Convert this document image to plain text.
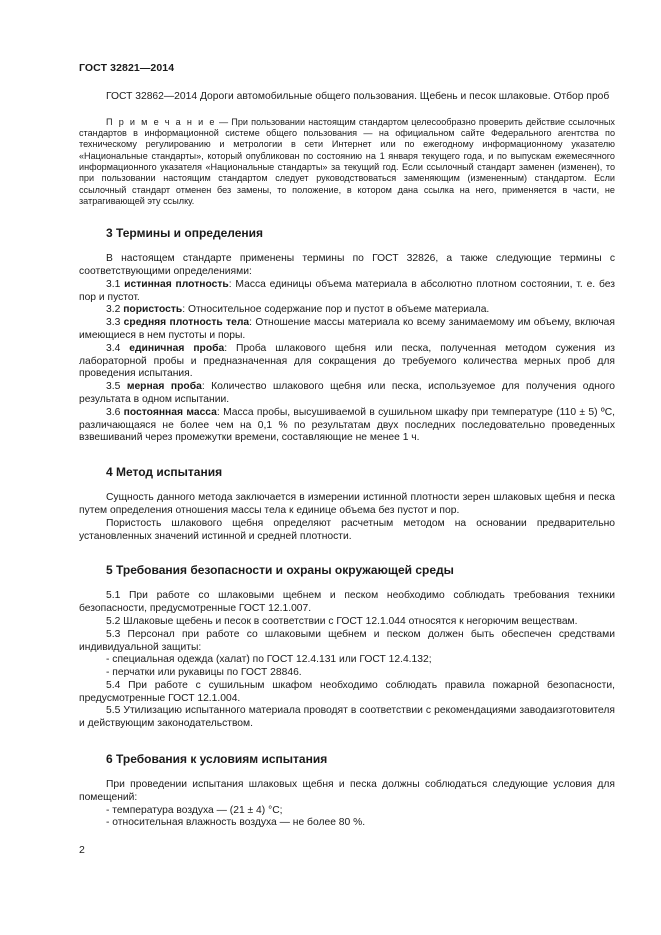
ГОСТ 32821—2014

ГОСТ 32862—2014 Дороги автомобильные общего пользования. Щебень и песок шлаковые. Отбор проб

П р и м е ч а н и е — При пользовании настоящим стандартом целесообразно проверить действие ссылочных стандартов в информационной системе общего пользования — на официальном сайте Федерального агентства по техническому регулированию и метрологии в сети Интернет или по ежегодному информационному указателю «Национальные стандарты», который опубликован по состоянию на 1 января текущего года, и по выпускам ежемесячного информационного указателя «Национальные стандарты» за текущий год. Если ссылочный стандарт заменен (изменен), то при пользовании настоящим стандартом следует руководствоваться заменяющим (измененным) стандартом. Если ссылочный стандарт отменен без замены, то положение, в котором дана ссылка на него, применяется в части, не затрагивающей эту ссылку.

3 Термины и определения

В настоящем стандарте применены термины по ГОСТ 32826, а также следующие термины с соответствующими определениями:

3.1 истинная плотность: Масса единицы объема материала в абсолютно плотном состоянии, т. е. без пор и пустот.

3.2 пористость: Относительное содержание пор и пустот в объеме материала.

3.3 средняя плотность тела: Отношение массы материала ко всему занимаемому им объему, включая имеющиеся в нем пустоты и поры.

3.4 единичная проба: Проба шлакового щебня или песка, полученная методом сужения из лабораторной пробы и предназначенная для сокращения до требуемого количества мерных проб для проведения испытания.

3.5 мерная проба: Количество шлакового щебня или песка, используемое для получения одного результата в одном испытании.

3.6 постоянная масса: Масса пробы, высушиваемой в сушильном шкафу при температуре (110 ± 5) ºС, различающаяся не более чем на 0,1 % по результатам двух последних последовательно проведенных взвешиваний через промежутки времени, составляющие не менее 1 ч.

4 Метод испытания

Сущность данного метода заключается в измерении истинной плотности зерен шлаковых щебня и песка путем определения отношения массы тела к единице объема без пустот и пор.

Пористость шлакового щебня определяют расчетным методом на основании предварительно установленных значений истинной и средней плотности.

5 Требования безопасности и охраны окружающей среды

5.1 При работе со шлаковыми щебнем и песком необходимо соблюдать требования техники безопасности, предусмотренные ГОСТ 12.1.007.

5.2 Шлаковые щебень и песок в соответствии с ГОСТ 12.1.044 относятся к негорючим веществам.

5.3 Персонал при работе со шлаковыми щебнем и песком должен быть обеспечен средствами индивидуальной защиты:

- специальная одежда (халат) по ГОСТ 12.4.131 или ГОСТ 12.4.132;

- перчатки или рукавицы по ГОСТ 28846.

5.4 При работе с сушильным шкафом необходимо соблюдать правила пожарной безопасности, предусмотренные ГОСТ 12.1.004.

5.5 Утилизацию испытанного материала проводят в соответствии с рекомендациями заводаизготовителя и действующим законодательством.

6 Требования к условиям испытания

При проведении испытания шлаковых щебня и песка должны соблюдаться следующие условия для помещений:

- температура воздуха — (21 ± 4) °С;

- относительная влажность воздуха — не более 80 %.

2
